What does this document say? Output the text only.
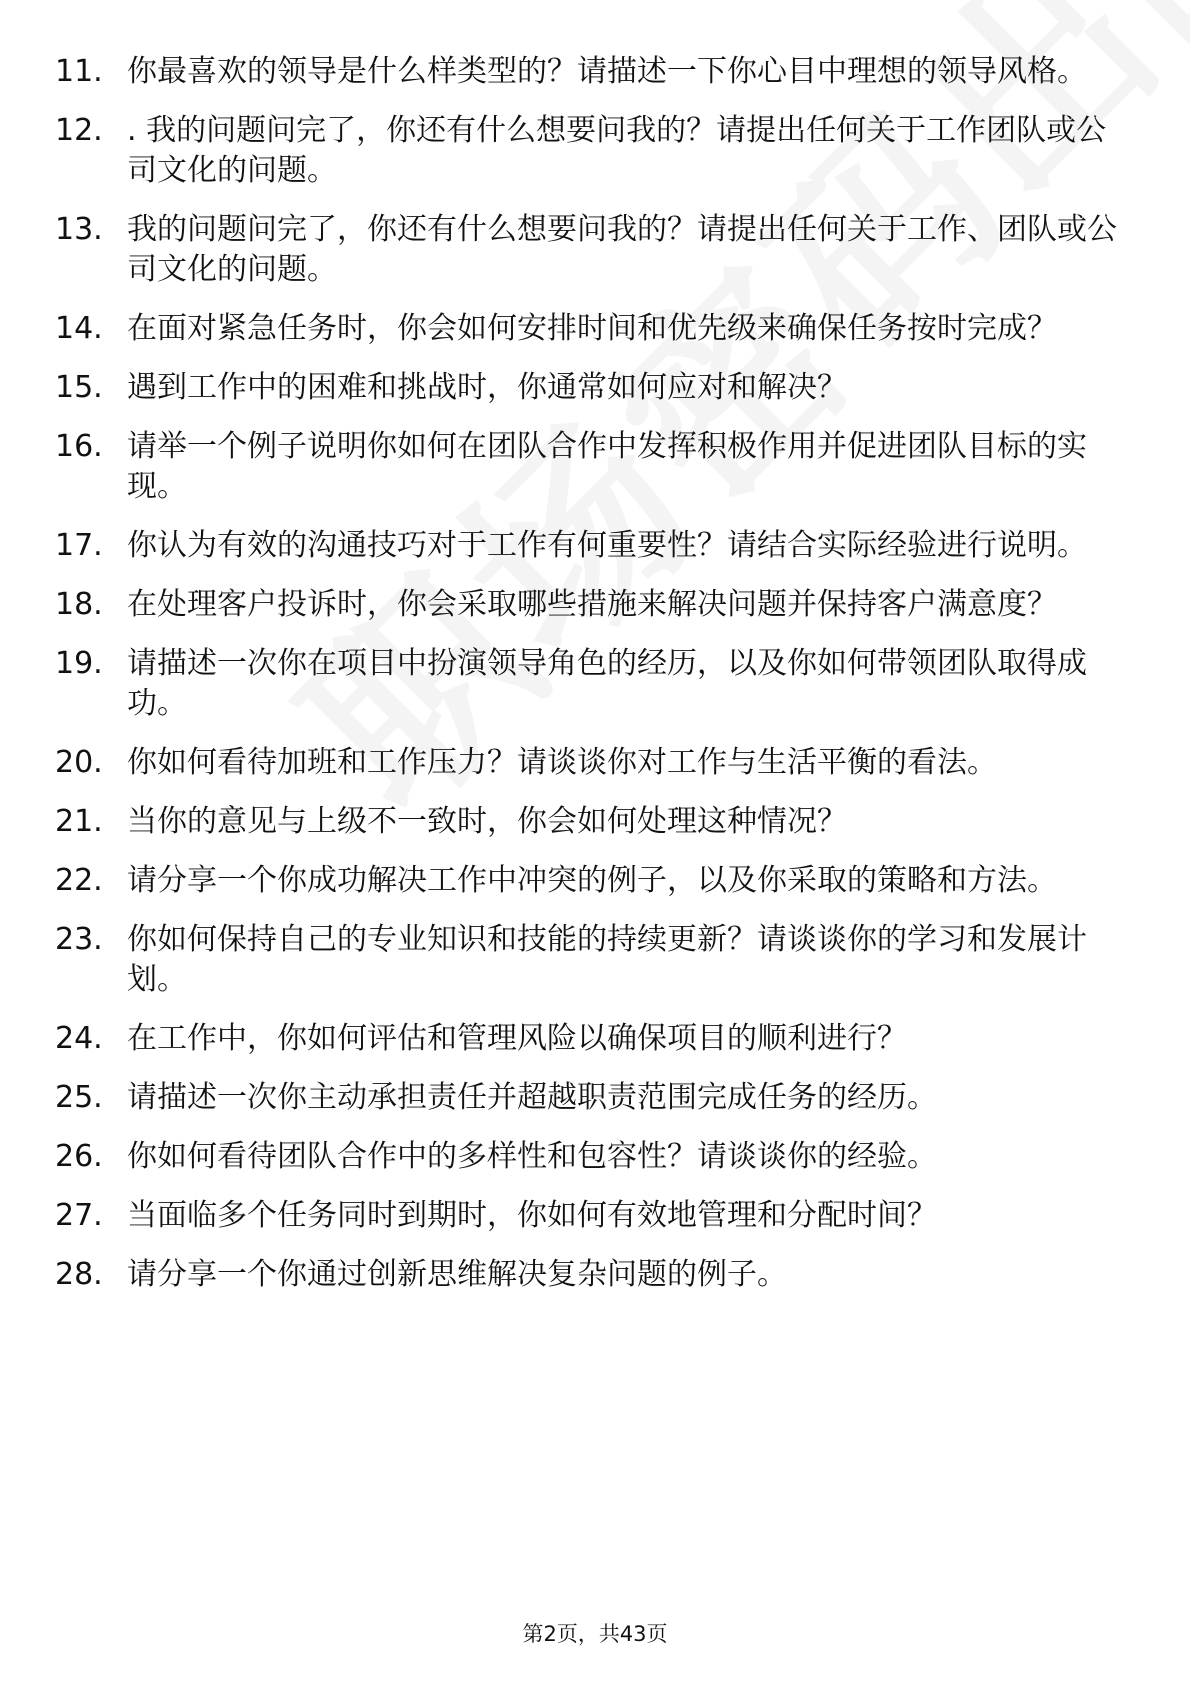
11. 你最喜欢的领导是什么样类型的？请描述一下你心目中理想的领导风格。
12. . 我的问题问完了，你还有什么想要问我的？请提出任何关于工作团队或公司文化的问题。
13. 我的问题问完了，你还有什么想要问我的？请提出任何关于工作、团队或公司文化的问题。
14. 在面对紧急任务时，你会如何安排时间和优先级来确保任务按时完成？
15. 遇到工作中的困难和挑战时，你通常如何应对和解决？
16. 请举一个例子说明你如何在团队合作中发挥积极作用并促进团队目标的实现。
17. 你认为有效的沟通技巧对于工作有何重要性？请结合实际经验进行说明。
18. 在处理客户投诉时，你会采取哪些措施来解决问题并保持客户满意度？
19. 请描述一次你在项目中扮演领导角色的经历，以及你如何带领团队取得成功。
20. 你如何看待加班和工作压力？请谈谈你对工作与生活平衡的看法。
21. 当你的意见与上级不一致时，你会如何处理这种情况？
22. 请分享一个你成功解决工作中冲突的例子，以及你采取的策略和方法。
23. 你如何保持自己的专业知识和技能的持续更新？请谈谈你的学习和发展计划。
24. 在工作中，你如何评估和管理风险以确保项目的顺利进行？
25. 请描述一次你主动承担责任并超越职责范围完成任务的经历。
26. 你如何看待团队合作中的多样性和包容性？请谈谈你的经验。
27. 当面临多个任务同时到期时，你如何有效地管理和分配时间？
28. 请分享一个你通过创新思维解决复杂问题的例子。
第2页，共43页
